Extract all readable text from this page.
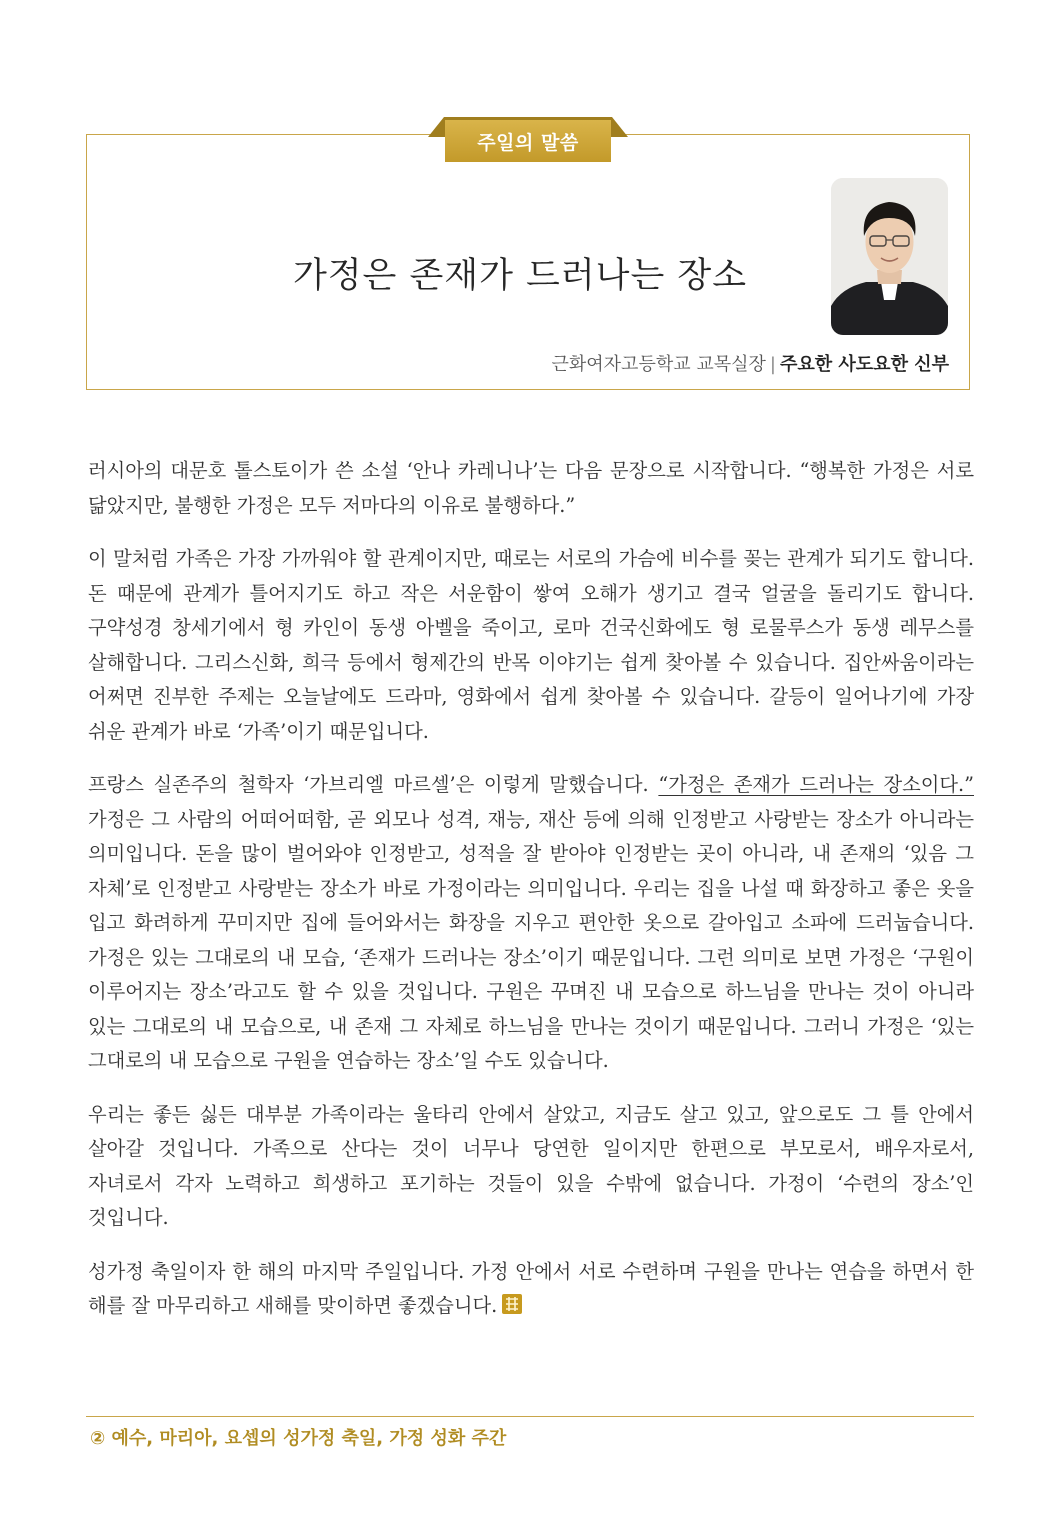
주일의 말씀
가정은 존재가 드러나는 장소
근화여자고등학교 교목실장 | 주요한 사도요한 신부

러시아의 대문호 톨스토이가 쓴 소설 ‘안나 카레니나’는 다음 문장으로 시작합니다. “행복한 가정은 서로 닮았지만, 불행한 가정은 모두 저마다의 이유로 불행하다.”

이 말처럼 가족은 가장 가까워야 할 관계이지만, 때로는 서로의 가슴에 비수를 꽂는 관계가 되기도 합니다. 돈 때문에 관계가 틀어지기도 하고 작은 서운함이 쌓여 오해가 생기고 결국 얼굴을 돌리기도 합니다. 구약성경 창세기에서 형 카인이 동생 아벨을 죽이고, 로마 건국신화에도 형 로물루스가 동생 레무스를 살해합니다. 그리스신화, 희극 등에서 형제간의 반목 이야기는 쉽게 찾아볼 수 있습니다. 집안싸움이라는 어쩌면 진부한 주제는 오늘날에도 드라마, 영화에서 쉽게 찾아볼 수 있습니다. 갈등이 일어나기에 가장 쉬운 관계가 바로 ‘가족’이기 때문입니다.

프랑스 실존주의 철학자 ‘가브리엘 마르셀’은 이렇게 말했습니다. “가정은 존재가 드러나는 장소이다.” 가정은 그 사람의 어떠어떠함, 곧 외모나 성격, 재능, 재산 등에 의해 인정받고 사랑받는 장소가 아니라는 의미입니다. 돈을 많이 벌어와야 인정받고, 성적을 잘 받아야 인정받는 곳이 아니라, 내 존재의 ‘있음 그 자체’로 인정받고 사랑받는 장소가 바로 가정이라는 의미입니다. 우리는 집을 나설 때 화장하고 좋은 옷을 입고 화려하게 꾸미지만 집에 들어와서는 화장을 지우고 편안한 옷으로 갈아입고 소파에 드러눕습니다. 가정은 있는 그대로의 내 모습, ‘존재가 드러나는 장소’이기 때문입니다. 그런 의미로 보면 가정은 ‘구원이 이루어지는 장소’라고도 할 수 있을 것입니다. 구원은 꾸며진 내 모습으로 하느님을 만나는 것이 아니라 있는 그대로의 내 모습으로, 내 존재 그 자체로 하느님을 만나는 것이기 때문입니다. 그러니 가정은 ‘있는 그대로의 내 모습으로 구원을 연습하는 장소’일 수도 있습니다.

우리는 좋든 싫든 대부분 가족이라는 울타리 안에서 살았고, 지금도 살고 있고, 앞으로도 그 틀 안에서 살아갈 것입니다. 가족으로 산다는 것이 너무나 당연한 일이지만 한편으로 부모로서, 배우자로서, 자녀로서 각자 노력하고 희생하고 포기하는 것들이 있을 수밖에 없습니다. 가정이 ‘수련의 장소’인 것입니다.

성가정 축일이자 한 해의 마지막 주일입니다. 가정 안에서 서로 수련하며 구원을 만나는 연습을 하면서 한 해를 잘 마무리하고 새해를 맞이하면 좋겠습니다.

② 예수, 마리아, 요셉의 성가정 축일, 가정 성화 주간
